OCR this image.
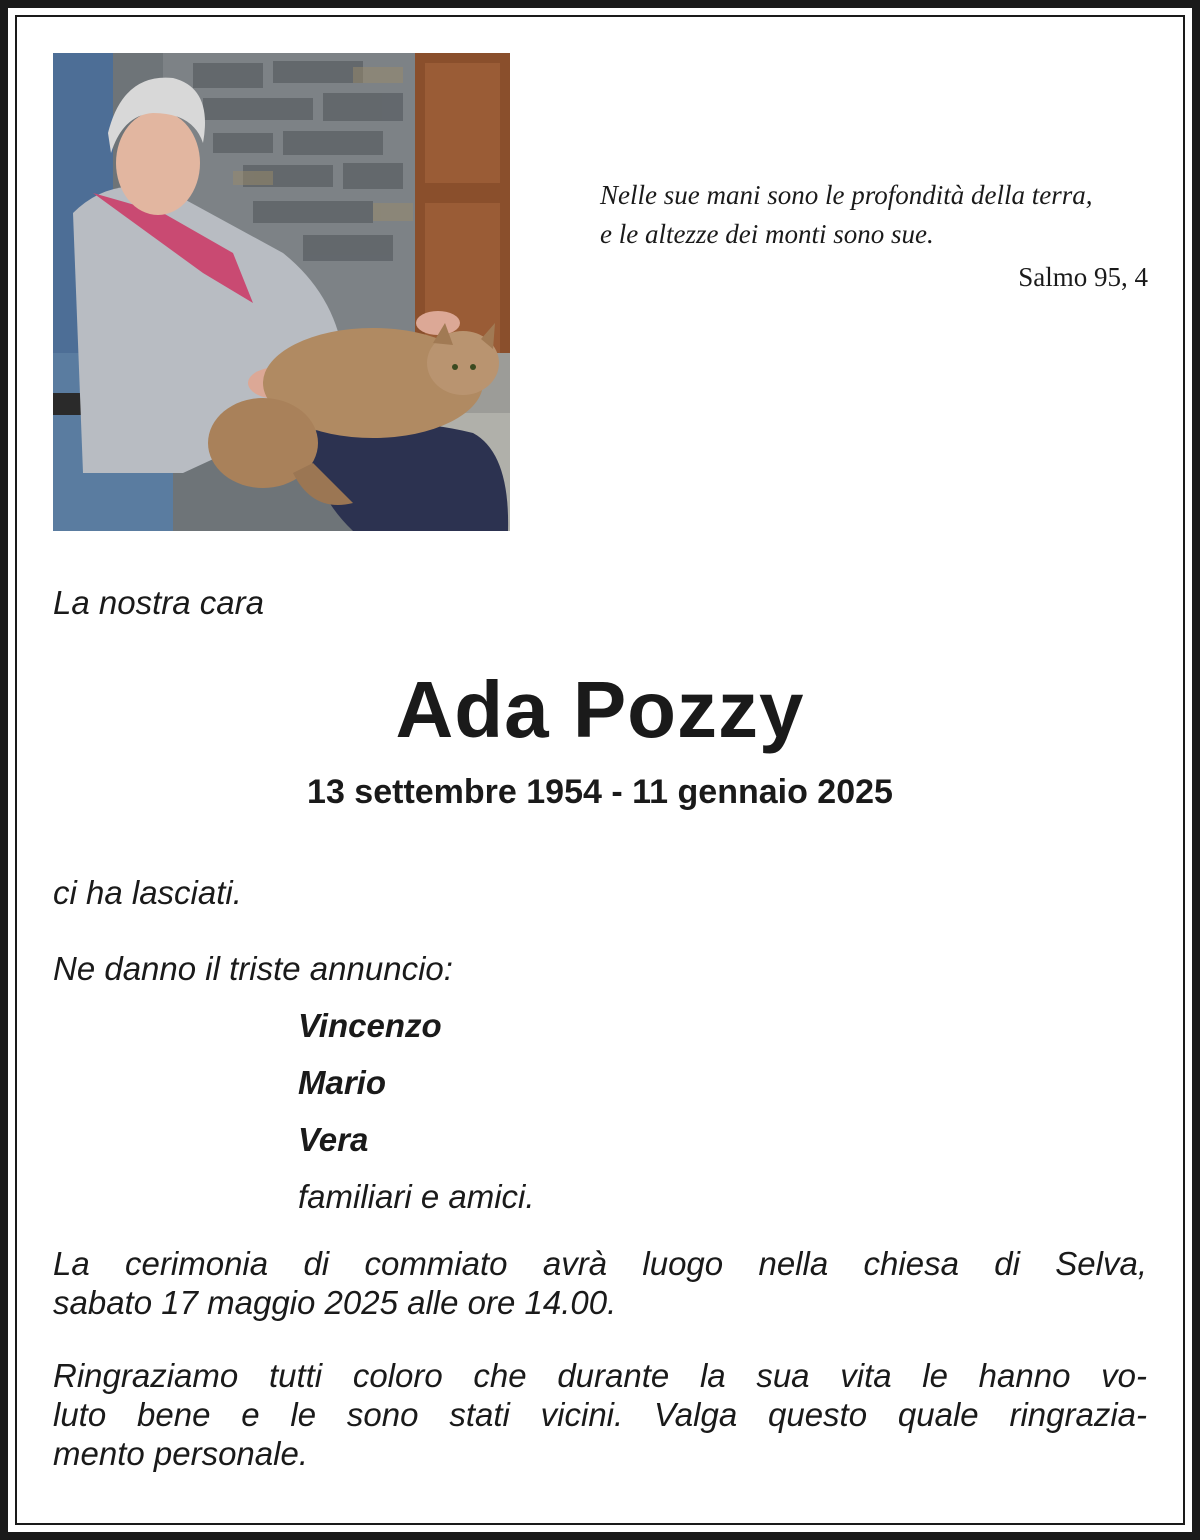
Nelle sue mani sono le profondità della terra,
e le altezze dei monti sono sue.
Salmo 95, 4
La nostra cara
Ada Pozzy
13 settembre 1954 - 11 gennaio 2025
ci ha lasciati.
Ne danno il triste annuncio:
Vincenzo
Mario
Vera
familiari e amici.
La cerimonia di commiato avrà luogo nella chiesa di Selva,
sabato 17 maggio 2025 alle ore 14.00.
Ringraziamo tutti coloro che durante la sua vita le hanno vo-
luto bene e le sono stati vicini. Valga questo quale ringrazia-
mento personale.
